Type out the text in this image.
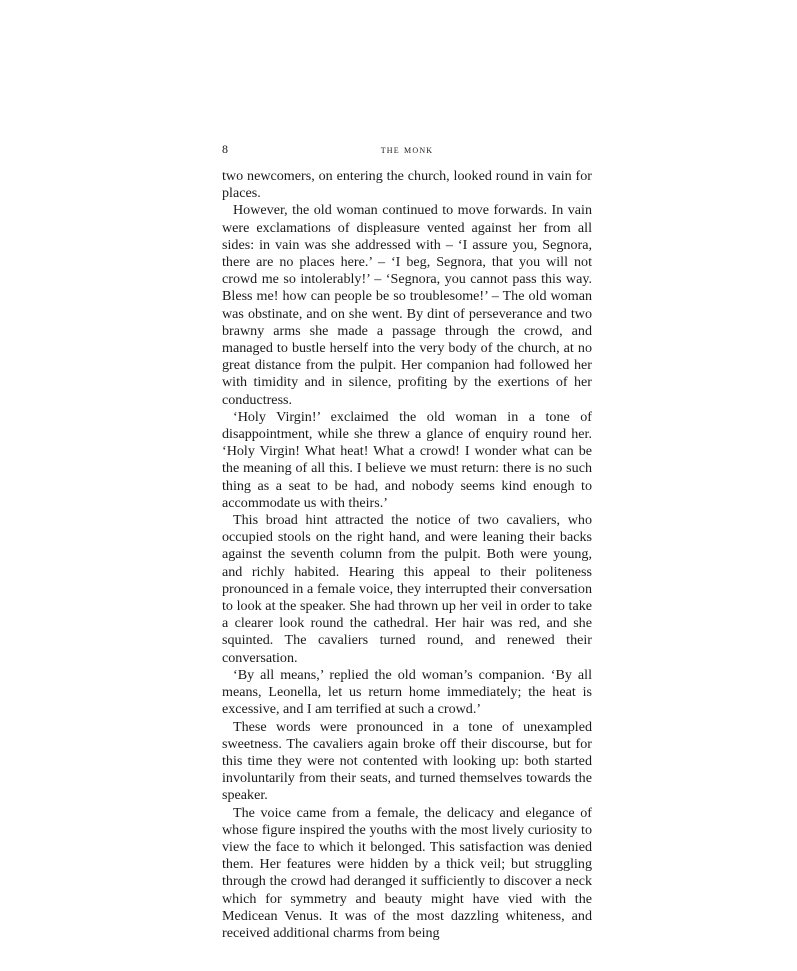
8	the monk

two newcomers, on entering the church, looked round in vain for places.

However, the old woman continued to move forwards. In vain were exclamations of displeasure vented against her from all sides: in vain was she addressed with – ‘I assure you, Segnora, there are no places here.’ – ‘I beg, Segnora, that you will not crowd me so intolerably!’ – ‘Segnora, you cannot pass this way. Bless me! how can people be so troublesome!’ – The old woman was obstinate, and on she went. By dint of perseverance and two brawny arms she made a passage through the crowd, and managed to bustle herself into the very body of the church, at no great distance from the pulpit. Her companion had followed her with timidity and in silence, profiting by the exertions of her conductress.

‘Holy Virgin!’ exclaimed the old woman in a tone of disappointment, while she threw a glance of enquiry round her. ‘Holy Virgin! What heat! What a crowd! I wonder what can be the meaning of all this. I believe we must return: there is no such thing as a seat to be had, and nobody seems kind enough to accommodate us with theirs.’

This broad hint attracted the notice of two cavaliers, who occupied stools on the right hand, and were leaning their backs against the seventh column from the pulpit. Both were young, and richly habited. Hearing this appeal to their politeness pronounced in a female voice, they interrupted their conversation to look at the speaker. She had thrown up her veil in order to take a clearer look round the cathedral. Her hair was red, and she squinted. The cavaliers turned round, and renewed their conversation.

‘By all means,’ replied the old woman’s companion. ‘By all means, Leonella, let us return home immediately; the heat is excessive, and I am terrified at such a crowd.’

These words were pronounced in a tone of unexampled sweetness. The cavaliers again broke off their discourse, but for this time they were not contented with looking up: both started involuntarily from their seats, and turned themselves towards the speaker.

The voice came from a female, the delicacy and elegance of whose figure inspired the youths with the most lively curiosity to view the face to which it belonged. This satisfaction was denied them. Her features were hidden by a thick veil; but struggling through the crowd had deranged it sufficiently to discover a neck which for symmetry and beauty might have vied with the Medicean Venus. It was of the most dazzling whiteness, and received additional charms from being
